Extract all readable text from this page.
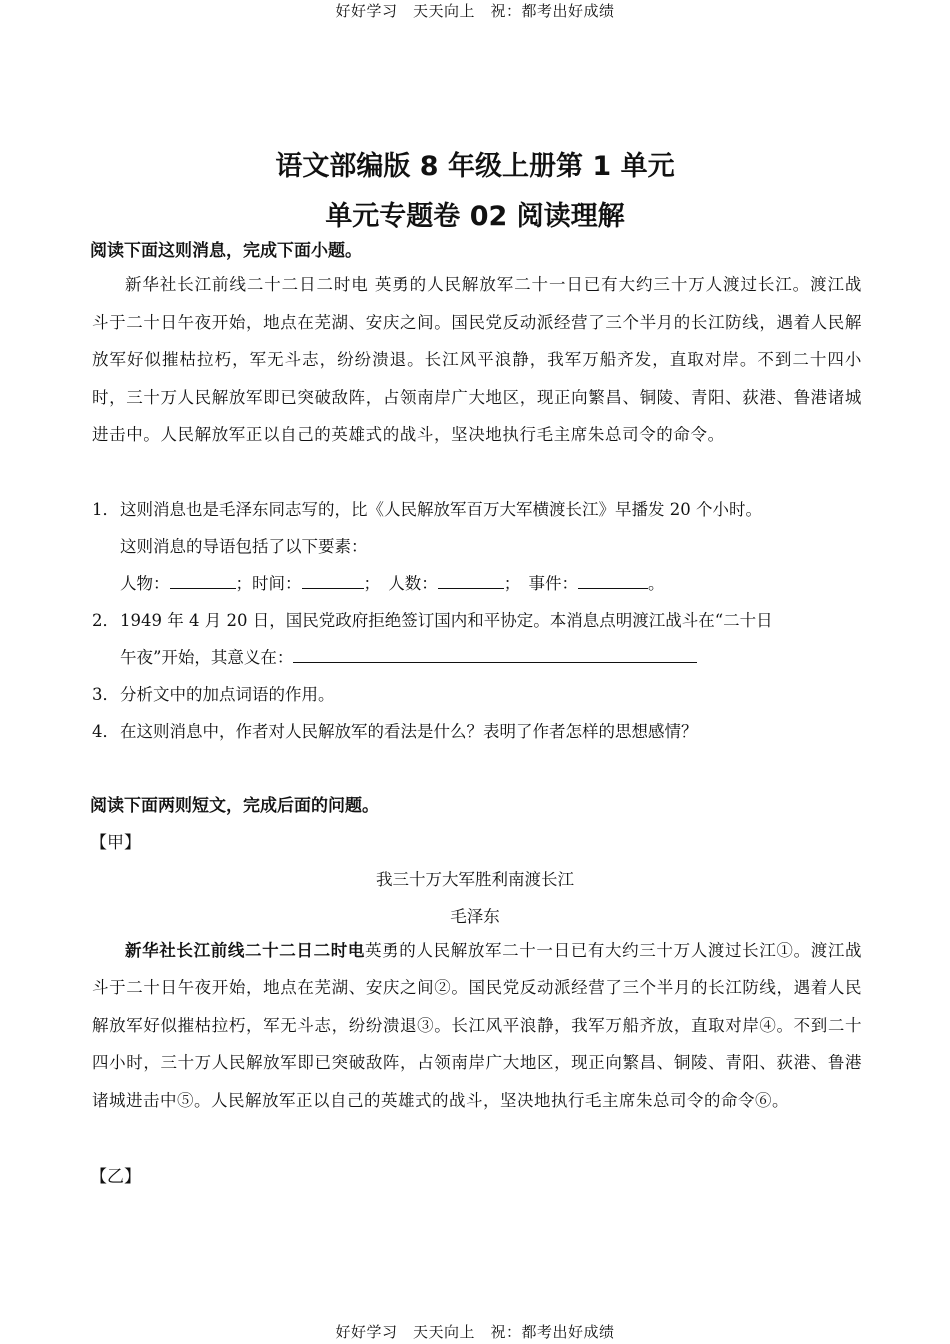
好好学习　天天向上　祝：都考出好成绩
语文部编版 8 年级上册第 1 单元
单元专题卷 02 阅读理解
阅读下面这则消息，完成下面小题。

新华社长江前线二十二日二时电 英勇的人民解放军二十一日已有大约三十万人渡过长江。渡江战斗于二十日午夜开始，地点在芜湖、安庆之间。国民党反动派经营了三个半月的长江防线，遇着人民解放军好似摧枯拉朽，军无斗志，纷纷溃退。长江风平浪静，我军万船齐发，直取对岸。不到二十四小时，三十万人民解放军即已突破敌阵，占领南岸广大地区，现正向繁昌、铜陵、青阳、荻港、鲁港诸城进击中。人民解放军正以自己的英雄式的战斗，坚决地执行毛主席朱总司令的命令。

1．这则消息也是毛泽东同志写的，比《人民解放军百万大军横渡长江》早播发 20 个小时。
这则消息的导语包括了以下要素：
人物：	；时间：	；　人数：	；　事件：	。
2．1949 年 4 月 20 日，国民党政府拒绝签订国内和平协定。本消息点明渡江战斗在“二十日
午夜”开始，其意义在：
3．分析文中的加点词语的作用。
4．在这则消息中，作者对人民解放军的看法是什么？表明了作者怎样的思想感情？
阅读下面两则短文，完成后面的问题。
【甲】
我三十万大军胜利南渡长江
毛泽东

新华社长江前线二十二日二时电英勇的人民解放军二十一日已有大约三十万人渡过长江①。渡江战斗于二十日午夜开始，地点在芜湖、安庆之间②。国民党反动派经营了三个半月的长江防线，遇着人民解放军好似摧枯拉朽，军无斗志，纷纷溃退③。长江风平浪静，我军万船齐放，直取对岸④。不到二十四小时，三十万人民解放军即已突破敌阵，占领南岸广大地区，现正向繁昌、铜陵、青阳、荻港、鲁港诸城进击中⑤。人民解放军正以自己的英雄式的战斗，坚决地执行毛主席朱总司令的命令⑥。

【乙】
好好学习　天天向上　祝：都考出好成绩
